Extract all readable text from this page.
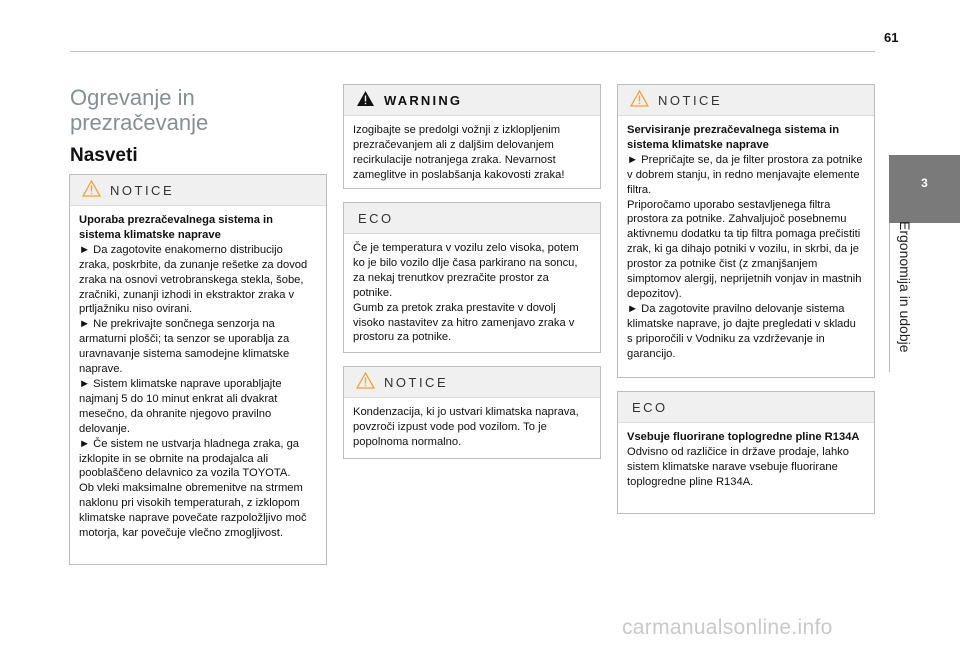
61
3
Ergonomija in udobje
Ogrevanje in prezračevanje
Nasveti
NOTICE

Uporaba prezračevalnega sistema in sistema klimatske naprave

► Da zagotovite enakomerno distribucijo zraka, poskrbite, da zunanje rešetke za dovod zraka na osnovi vetrobranskega stekla, šobe, zračniki, zunanji izhodi in ekstraktor zraka v prtljažniku niso ovirani.

► Ne prekrivajte sončnega senzorja na armaturni plošči; ta senzor se uporablja za uravnavanje sistema samodejne klimatske naprave.

► Sistem klimatske naprave uporabljajte najmanj 5 do 10 minut enkrat ali dvakrat mesečno, da ohranite njegovo pravilno delovanje.

► Če sistem ne ustvarja hladnega zraka, ga izklopite in se obrnite na prodajalca ali pooblaščeno delavnico za vozila TOYOTA.

Ob vleki maksimalne obremenitve na strmem naklonu pri visokih temperaturah, z izklopom klimatske naprave povečate razpoložljivo moč motorja, kar povečuje vlečno zmogljivost.

WARNING

Izogibajte se predolgi vožnji z izklopljenim prezračevanjem ali z daljšim delovanjem recirkulacije notranjega zraka. Nevarnost zameglitve in poslabšanja kakovosti zraka!

ECO

Če je temperatura v vozilu zelo visoka, potem ko je bilo vozilo dlje časa parkirano na soncu, za nekaj trenutkov prezračite prostor za potnike.

Gumb za pretok zraka prestavite v dovolj visoko nastavitev za hitro zamenjavo zraka v prostoru za potnike.

NOTICE

Kondenzacija, ki jo ustvari klimatska naprava, povzroči izpust vode pod vozilom. To je popolnoma normalno.

NOTICE

Servisiranje prezračevalnega sistema in sistema klimatske naprave

► Prepričajte se, da je filter prostora za potnike v dobrem stanju, in redno menjavajte elemente filtra.

Priporočamo uporabo sestavljenega filtra prostora za potnike. Zahvaljujoč posebnemu aktivnemu dodatku ta tip filtra pomaga prečistiti zrak, ki ga dihajo potniki v vozilu, in skrbi, da je prostor za potnike čist (z zmanjšanjem simptomov alergij, neprijetnih vonjav in mastnih depozitov).

► Da zagotovite pravilno delovanje sistema klimatske naprave, jo dajte pregledati v skladu s priporočili v Vodniku za vzdrževanje in garancijo.

ECO

Vsebuje fluorirane toplogredne pline R134A

Odvisno od različice in države prodaje, lahko sistem klimatske narave vsebuje fluorirane toplogredne pline R134A.

carmanualsonline.info
